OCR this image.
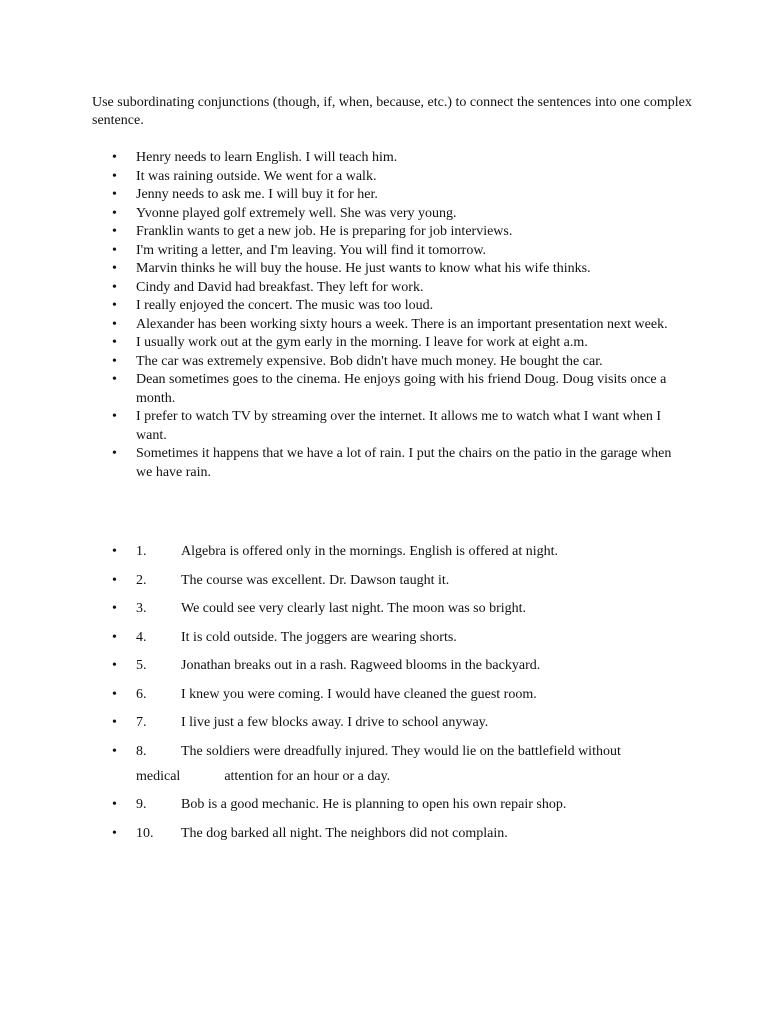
Use subordinating conjunctions (though, if, when, because, etc.) to connect the sentences into one complex sentence.

• Henry needs to learn English. I will teach him.
• It was raining outside. We went for a walk.
• Jenny needs to ask me. I will buy it for her.
• Yvonne played golf extremely well. She was very young.
• Franklin wants to get a new job. He is preparing for job interviews.
• I'm writing a letter, and I'm leaving. You will find it tomorrow.
• Marvin thinks he will buy the house. He just wants to know what his wife thinks.
• Cindy and David had breakfast. They left for work.
• I really enjoyed the concert. The music was too loud.
• Alexander has been working sixty hours a week. There is an important presentation next week.
• I usually work out at the gym early in the morning. I leave for work at eight a.m.
• The car was extremely expensive. Bob didn't have much money. He bought the car.
• Dean sometimes goes to the cinema. He enjoys going with his friend Doug. Doug visits once a month.
• I prefer to watch TV by streaming over the internet. It allows me to watch what I want when I want.
• Sometimes it happens that we have a lot of rain. I put the chairs on the patio in the garage when we have rain.
• 1. Algebra is offered only in the mornings. English is offered at night.
• 2. The course was excellent. Dr. Dawson taught it.
• 3. We could see very clearly last night. The moon was so bright.
• 4. It is cold outside. The joggers are wearing shorts.
• 5. Jonathan breaks out in a rash. Ragweed blooms in the backyard.
• 6. I knew you were coming. I would have cleaned the guest room.
• 7. I live just a few blocks away. I drive to school anyway.
• 8. The soldiers were dreadfully injured. They would lie on the battlefield without
medical	attention for an hour or a day.
• 9. Bob is a good mechanic. He is planning to open his own repair shop.
• 10. The dog barked all night. The neighbors did not complain.
